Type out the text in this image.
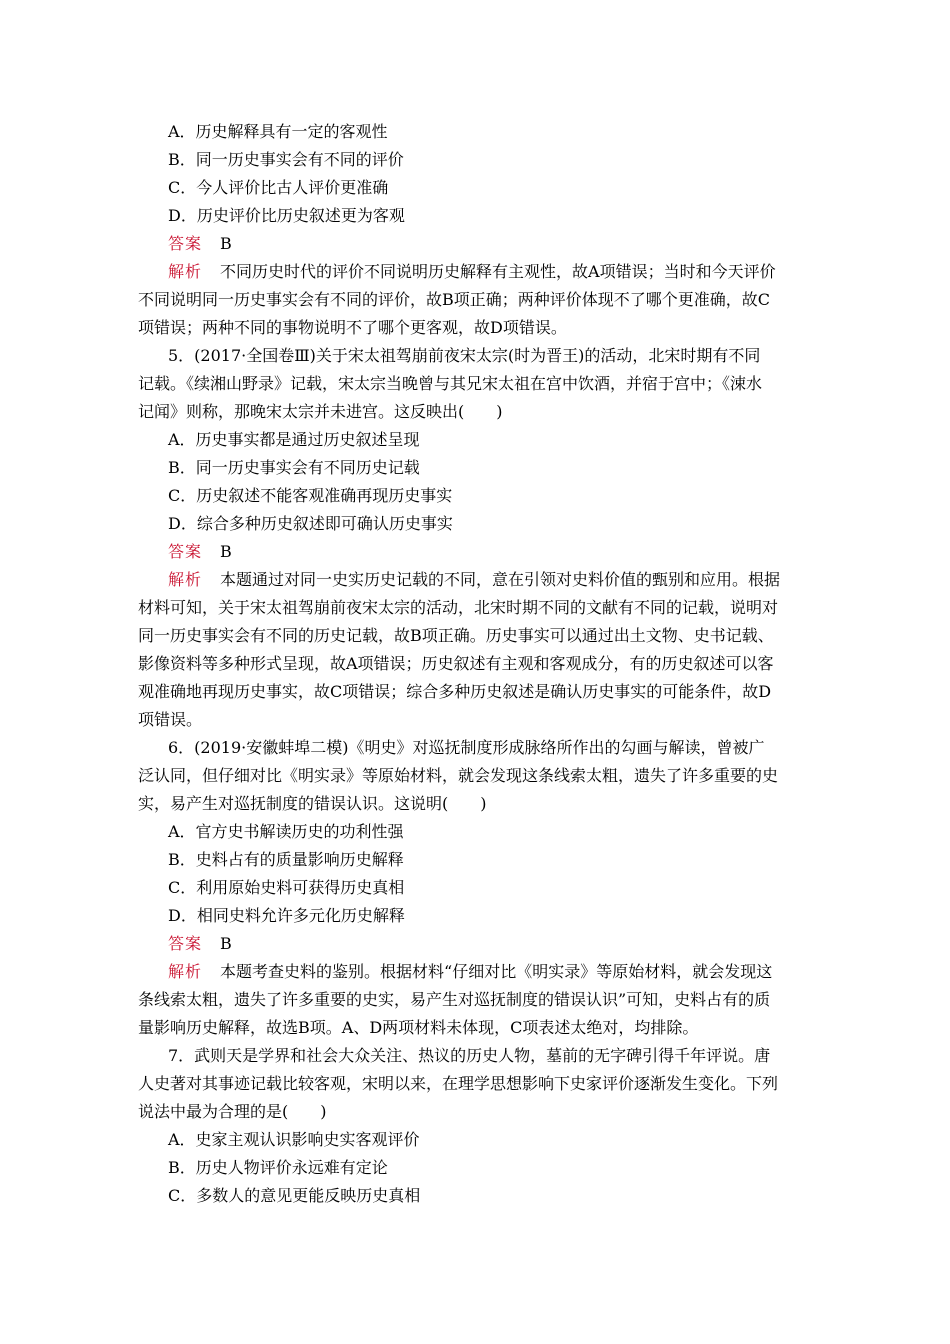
A．历史解释具有一定的客观性
B．同一历史事实会有不同的评价
C．今人评价比古人评价更准确
D．历史评价比历史叙述更为客观
答案 B
解析 不同历史时代的评价不同说明历史解释有主观性，故A项错误；当时和今天评价
不同说明同一历史事实会有不同的评价，故B项正确；两种评价体现不了哪个更准确，故C
项错误；两种不同的事物说明不了哪个更客观，故D项错误。
5．(2017·全国卷Ⅲ)关于宋太祖驾崩前夜宋太宗(时为晋王)的活动，北宋时期有不同
记载。《续湘山野录》记载，宋太宗当晚曾与其兄宋太祖在宫中饮酒，并宿于宫中；《涑水
记闻》则称，那晚宋太宗并未进宫。这反映出(　　)
A．历史事实都是通过历史叙述呈现
B．同一历史事实会有不同历史记载
C．历史叙述不能客观准确再现历史事实
D．综合多种历史叙述即可确认历史事实
答案 B
解析 本题通过对同一史实历史记载的不同，意在引领对史料价值的甄别和应用。根据
材料可知，关于宋太祖驾崩前夜宋太宗的活动，北宋时期不同的文献有不同的记载，说明对
同一历史事实会有不同的历史记载，故B项正确。历史事实可以通过出土文物、史书记载、
影像资料等多种形式呈现，故A项错误；历史叙述有主观和客观成分，有的历史叙述可以客
观准确地再现历史事实，故C项错误；综合多种历史叙述是确认历史事实的可能条件，故D
项错误。
6．(2019·安徽蚌埠二模)《明史》对巡抚制度形成脉络所作出的勾画与解读，曾被广
泛认同，但仔细对比《明实录》等原始材料，就会发现这条线索太粗，遗失了许多重要的史
实，易产生对巡抚制度的错误认识。这说明(　　)
A．官方史书解读历史的功利性强
B．史料占有的质量影响历史解释
C．利用原始史料可获得历史真相
D．相同史料允许多元化历史解释
答案 B
解析 本题考查史料的鉴别。根据材料“仔细对比《明实录》等原始材料，就会发现这
条线索太粗，遗失了许多重要的史实，易产生对巡抚制度的错误认识”可知，史料占有的质
量影响历史解释，故选B项。A、D两项材料未体现，C项表述太绝对，均排除。
7．武则天是学界和社会大众关注、热议的历史人物，墓前的无字碑引得千年评说。唐
人史著对其事迹记载比较客观，宋明以来，在理学思想影响下史家评价逐渐发生变化。下列
说法中最为合理的是(　　)
A．史家主观认识影响史实客观评价
B．历史人物评价永远难有定论
C．多数人的意见更能反映历史真相
